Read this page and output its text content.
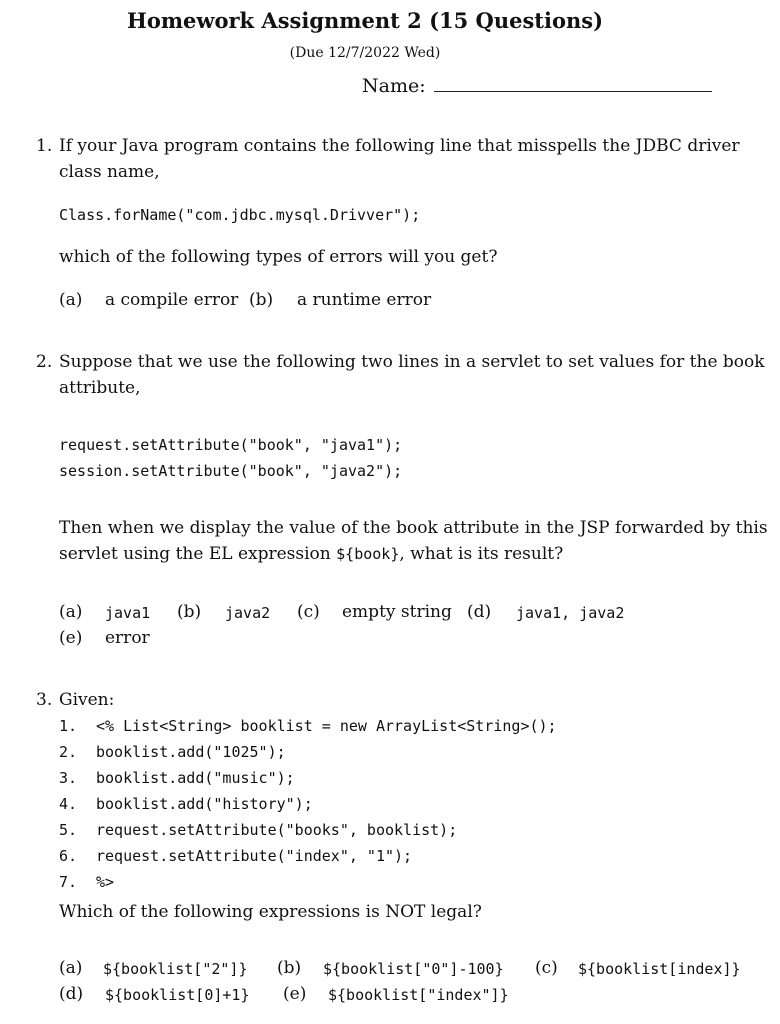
Homework Assignment 2 (15 Questions)
(Due 12/7/2022 Wed)
Name:
1. If your Java program contains the following line that misspells the JDBC driver
class name,
Class.forName("com.jdbc.mysql.Drivver");
which of the following types of errors will you get?
(a) a compile error (b) a runtime error
2. Suppose that we use the following two lines in a servlet to set values for the book
attribute,
request.setAttribute("book", "java1");
session.setAttribute("book", "java2");
Then when we display the value of the book attribute in the JSP forwarded by this
servlet using the EL expression ${book}, what is its result?
(a) java1 (b) java2 (c) empty string (d) java1, java2
(e) error
3. Given:
1. <% List<String> booklist = new ArrayList<String>();
2. booklist.add("1025");
3. booklist.add("music");
4. booklist.add("history");
5. request.setAttribute("books", booklist);
6. request.setAttribute("index", "1");
7. %>
Which of the following expressions is NOT legal?
(a) ${booklist["2"]} (b) ${booklist["0"]-100} (c) ${booklist[index]}
(d) ${booklist[0]+1} (e) ${booklist["index"]}
